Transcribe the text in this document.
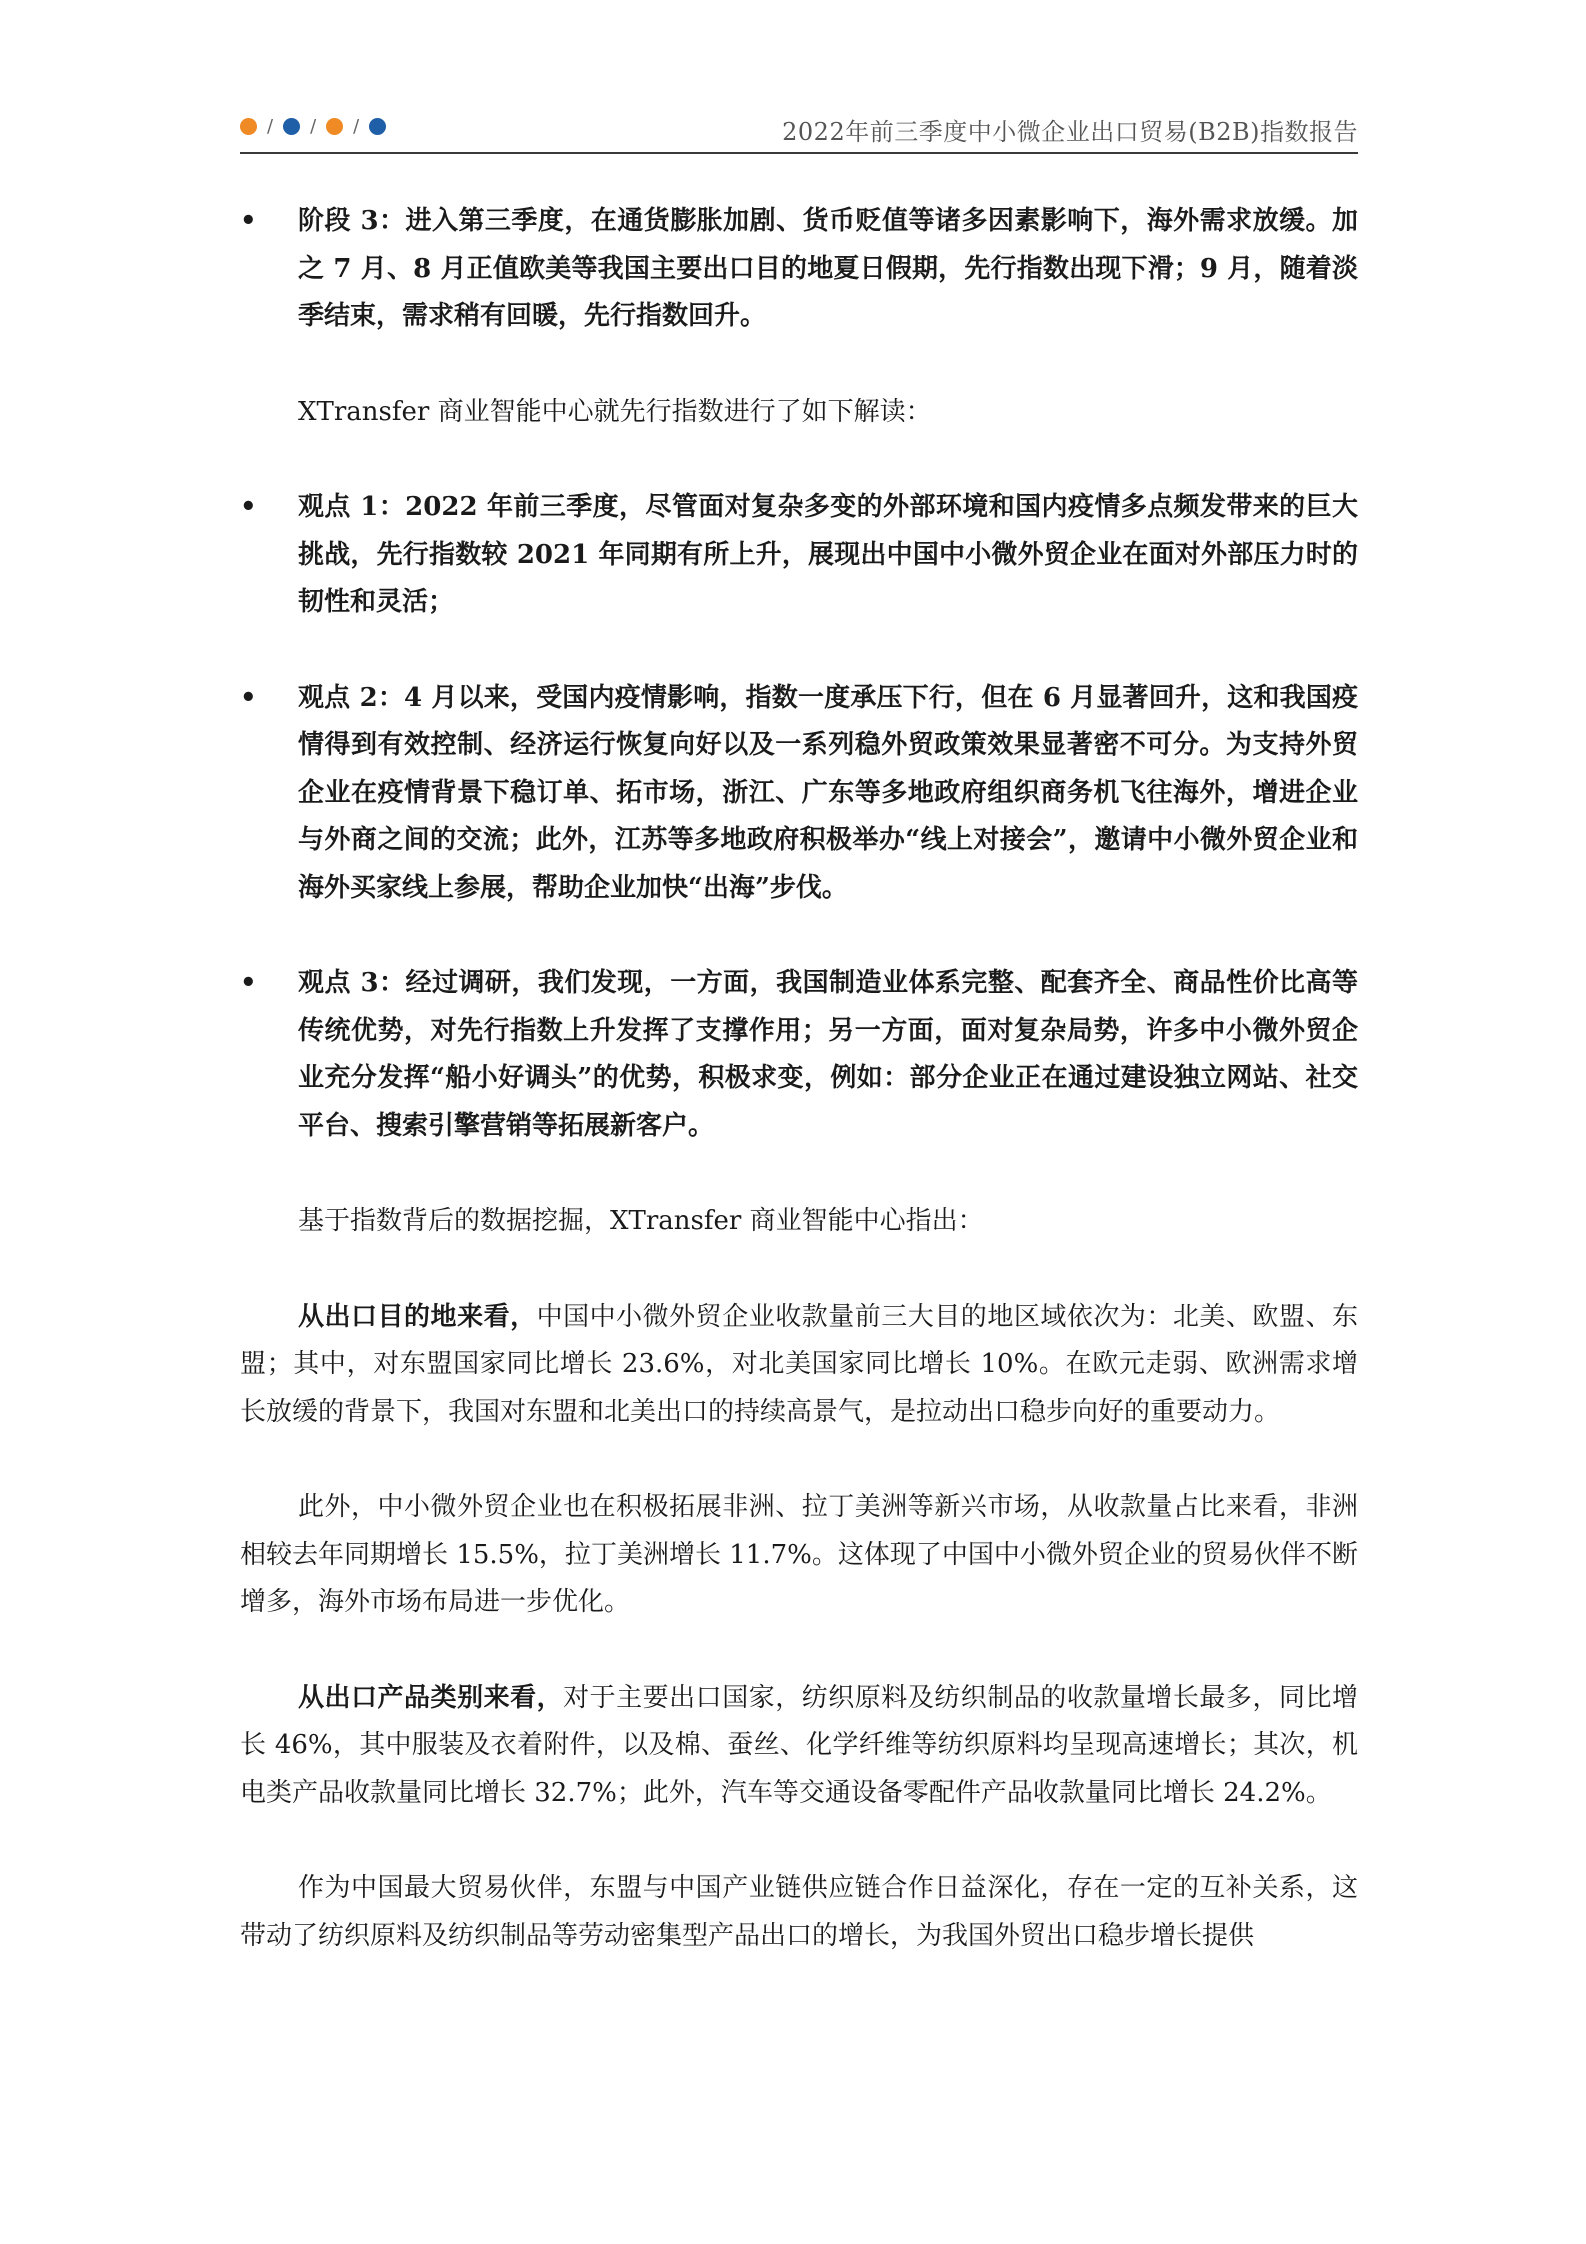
/ / /	2022年前三季度中小微企业出口贸易(B2B)指数报告
• 阶段 3：进入第三季度，在通货膨胀加剧、货币贬值等诸多因素影响下，海外需求放缓。加之 7 月、8 月正值欧美等我国主要出口目的地夏日假期，先行指数出现下滑；9 月，随着淡季结束，需求稍有回暖，先行指数回升。
XTransfer 商业智能中心就先行指数进行了如下解读：
• 观点 1：2022 年前三季度，尽管面对复杂多变的外部环境和国内疫情多点频发带来的巨大挑战，先行指数较 2021 年同期有所上升，展现出中国中小微外贸企业在面对外部压力时的韧性和灵活；
• 观点 2：4 月以来，受国内疫情影响，指数一度承压下行，但在 6 月显著回升，这和我国疫情得到有效控制、经济运行恢复向好以及一系列稳外贸政策效果显著密不可分。为支持外贸企业在疫情背景下稳订单、拓市场，浙江、广东等多地政府组织商务机飞往海外，增进企业与外商之间的交流；此外，江苏等多地政府积极举办“线上对接会”，邀请中小微外贸企业和海外买家线上参展，帮助企业加快“出海”步伐。
• 观点 3：经过调研，我们发现，一方面，我国制造业体系完整、配套齐全、商品性价比高等传统优势，对先行指数上升发挥了支撑作用；另一方面，面对复杂局势，许多中小微外贸企业充分发挥“船小好调头”的优势，积极求变，例如：部分企业正在通过建设独立网站、社交平台、搜索引擎营销等拓展新客户。
基于指数背后的数据挖掘，XTransfer 商业智能中心指出：
从出口目的地来看，中国中小微外贸企业收款量前三大目的地区域依次为：北美、欧盟、东盟；其中，对东盟国家同比增长 23.6%，对北美国家同比增长 10%。在欧元走弱、欧洲需求增长放缓的背景下，我国对东盟和北美出口的持续高景气，是拉动出口稳步向好的重要动力。
此外，中小微外贸企业也在积极拓展非洲、拉丁美洲等新兴市场，从收款量占比来看，非洲相较去年同期增长 15.5%，拉丁美洲增长 11.7%。这体现了中国中小微外贸企业的贸易伙伴不断增多，海外市场布局进一步优化。
从出口产品类别来看，对于主要出口国家，纺织原料及纺织制品的收款量增长最多，同比增长 46%，其中服装及衣着附件，以及棉、蚕丝、化学纤维等纺织原料均呈现高速增长；其次，机电类产品收款量同比增长 32.7%；此外，汽车等交通设备零配件产品收款量同比增长 24.2%。
作为中国最大贸易伙伴，东盟与中国产业链供应链合作日益深化，存在一定的互补关系，这带动了纺织原料及纺织制品等劳动密集型产品出口的增长，为我国外贸出口稳步增长提供
